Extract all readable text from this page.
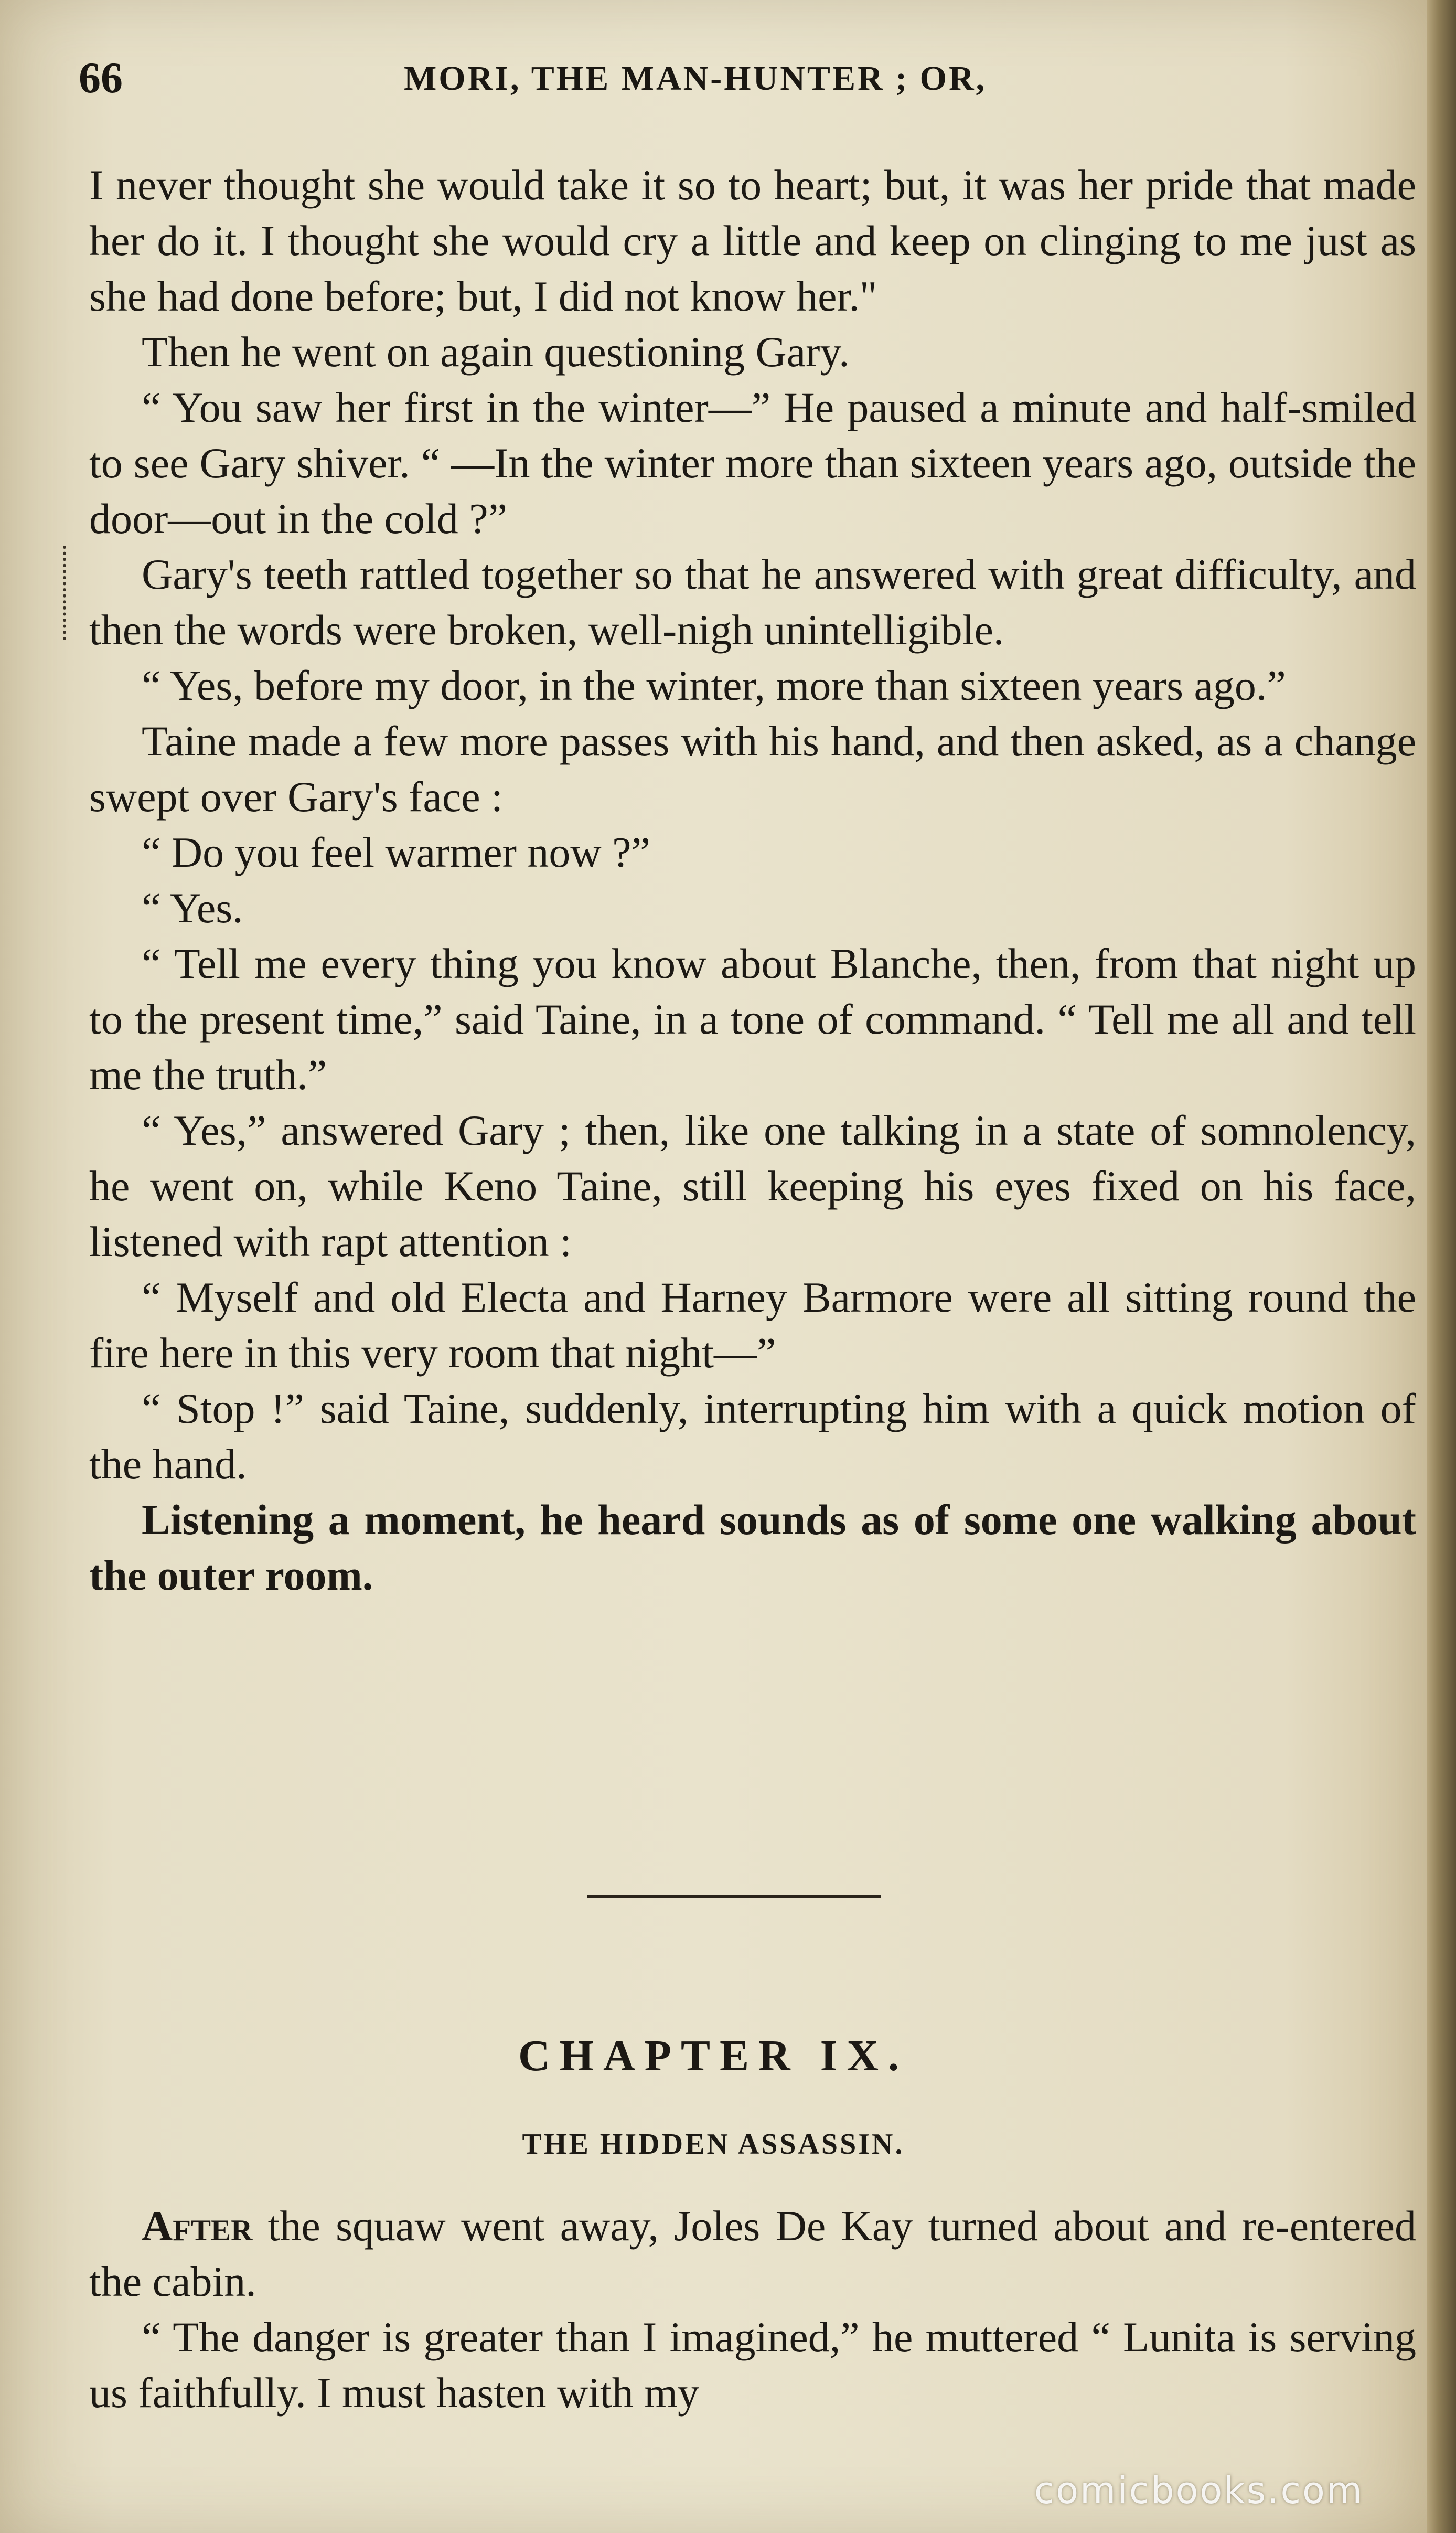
66	MORI, THE MAN-HUNTER ; OR,

I never thought she would take it so to heart; but, it was her pride that made her do it. I thought she would cry a little and keep on clinging to me just as she had done before; but, I did not know her."

Then he went on again questioning Gary.

“ You saw her first in the winter—” He paused a minute and half-smiled to see Gary shiver. “ —In the winter more than sixteen years ago, outside the door—out in the cold ?”

Gary's teeth rattled together so that he answered with great difficulty, and then the words were broken, well-nigh unintelligible.

“ Yes, before my door, in the winter, more than sixteen years ago.”

Taine made a few more passes with his hand, and then asked, as a change swept over Gary's face :

“ Do you feel warmer now ?”

“ Yes.

“ Tell me every thing you know about Blanche, then, from that night up to the present time,” said Taine, in a tone of command. “ Tell me all and tell me the truth.”

“ Yes,” answered Gary ; then, like one talking in a state of somnolency, he went on, while Keno Taine, still keeping his eyes fixed on his face, listened with rapt attention :

“ Myself and old Electa and Harney Barmore were all sitting round the fire here in this very room that night—”

“ Stop !” said Taine, suddenly, interrupting him with a quick motion of the hand.

Listening a moment, he heard sounds as of some one walking about the outer room.

CHAPTER IX.
THE HIDDEN ASSASSIN.

After the squaw went away, Joles De Kay turned about and re-entered the cabin.

“ The danger is greater than I imagined,” he muttered “ Lunita is serving us faithfully. I must hasten with my

comicbooks.com
